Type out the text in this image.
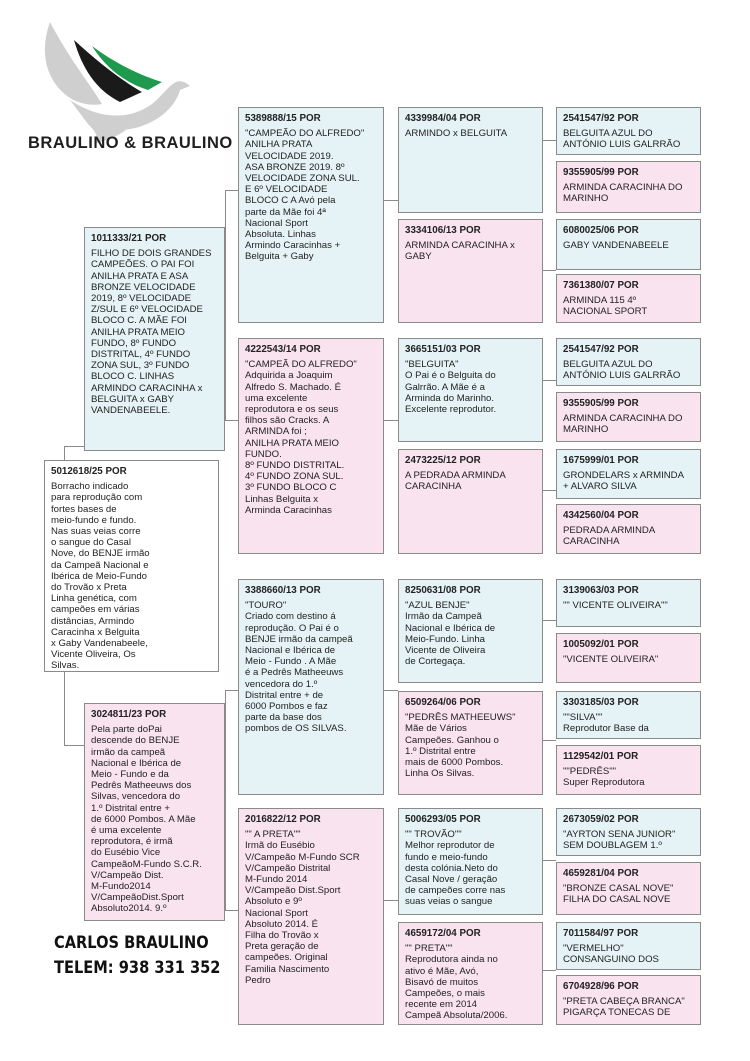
BRAULINO & BRAULINO
5012618/25 POR
Borracho indicado
para reprodução com
fortes bases de
meio-fundo e fundo.
Nas suas veias corre
o sangue do Casal
Nove, do BENJE irmão
da Campeã Nacional e
Ibérica de Meio-Fundo
do Trovão x Preta
Linha genética, com
campeões em várias
distâncias, Armindo
Caracinha x Belguita
x Gaby Vandenabeele,
Vicente Oliveira, Os
Silvas.
1011333/21 POR
FILHO DE DOIS GRANDES
CAMPEÕES. O PAI FOI
ANILHA PRATA E ASA
BRONZE VELOCIDADE
2019, 8º VELOCIDADE
Z/SUL E 6º VELOCIDADE
BLOCO C. A MÃE FOI
ANILHA PRATA MEIO
FUNDO, 8º FUNDO
DISTRITAL, 4º FUNDO
ZONA SUL, 3º FUNDO
BLOCO C. LINHAS
ARMINDO CARACINHA x
BELGUITA x GABY
VANDENABEELE.
3024811/23 POR
Pela parte doPai
descende do BENJE
irmão da campeã
Nacional e Ibérica de
Meio - Fundo e da
Pedrês Matheeuws dos
Silvas, vencedora do
1.º Distrital entre +
de 6000 Pombos. A Mãe
é uma excelente
reprodutora, é irmã
do Eusébio Vice
CampeãoM-Fundo S.C.R.
V/Campeão Dist.
M-Fundo2014
V/CampeãoDist.Sport
Absoluto2014. 9.º
5389888/15 POR
"CAMPEÃO DO ALFREDO"
ANILHA PRATA
VELOCIDADE 2019.
ASA BRONZE 2019. 8º
VELOCIDADE ZONA SUL.
E 6º VELOCIDADE
BLOCO C A Avó pela
parte da Mãe foi 4ª
Nacional Sport
Absoluta. Linhas
Armindo Caracinhas +
Belguita + Gaby
4222543/14 POR
"CAMPEÃ DO ALFREDO"
Adquirida a Joaquim
Alfredo S. Machado. É
uma excelente
reprodutora e os seus
filhos são Cracks. A
ARMINDA foi ;
ANILHA PRATA MEIO
FUNDO.
8º FUNDO DISTRITAL.
4º FUNDO ZONA SUL.
3º FUNDO BLOCO C
Linhas Belguita x
Arminda Caracinhas
3388660/13 POR
"TOURO"
Criado com destino á
reprodução. O Pai é o
BENJE irmão da campeã
Nacional e Ibérica de
Meio - Fundo . A Mãe
é a Pedrês Matheeuws
vencedora do 1.º
Distrital entre + de
6000 Pombos e faz
parte da base dos
pombos de OS SILVAS.
2016822/12 POR
"" A PRETA""
Irmã do Eusébio
V/Campeão M-Fundo SCR
V/Campeão Distrital
M-Fundo 2014
V/Campeão Dist.Sport
Absoluto e 9º
Nacional Sport
Absoluto 2014. É
Filha do Trovão x
Preta geração de
campeões. Original
Familia Nascimento
Pedro
4339984/04 POR
ARMINDO x BELGUITA
3334106/13 POR
ARMINDA CARACINHA x
GABY
3665151/03 POR
"BELGUITA"
O Pai é o Belguita do
Galrrão. A Mãe é a
Arminda do Marinho.
Excelente reprodutor.
2473225/12 POR
A PEDRADA ARMINDA
CARACINHA
8250631/08 POR
"AZUL BENJE"
Irmão da Campeã
Nacional e Ibérica de
Meio-Fundo. Linha
Vicente de Oliveira
de Cortegaça.
6509264/06 POR
"PEDRÊS MATHEEUWS"
Mãe de Vários
Campeões. Ganhou o
1.º Distrital entre
mais de 6000 Pombos.
Linha Os Silvas.
5006293/05 POR
"" TROVÃO""
Melhor reprodutor de
fundo e meio-fundo
desta colónia.Neto do
Casal Nove / geração
de campeões corre nas
suas veias o sangue
4659172/04 POR
"" PRETA""
Reprodutora ainda no
ativo é Mãe, Avó,
Bisavó de muitos
Campeões, o mais
recente em 2014
Campeã Absoluta/2006.
2541547/92 POR
BELGUITA AZUL DO
ANTÓNIO LUIS GALRRÃO
9355905/99 POR
ARMINDA CARACINHA DO
MARINHO
6080025/06 POR
GABY VANDENABEELE
7361380/07 POR
ARMINDA 115 4º
NACIONAL SPORT
2541547/92 POR
BELGUITA AZUL DO
ANTÓNIO LUIS GALRRÃO
9355905/99 POR
ARMINDA CARACINHA DO
MARINHO
1675999/01 POR
GRONDELARS x ARMINDA
+ ALVARO SILVA
4342560/04 POR
PEDRADA ARMINDA
CARACINHA
3139063/03 POR
"" VICENTE OLIVEIRA""
1005092/01 POR
"VICENTE OLIVEIRA"
3303185/03 POR
""SILVA""
Reprodutor Base da
1129542/01 POR
""PEDRÊS""
Super Reprodutora
2673059/02 POR
"AYRTON SENA JUNIOR"
SEM DOUBLAGEM 1.º
4659281/04 POR
"BRONZE CASAL NOVE"
FILHA DO CASAL NOVE
7011584/97 POR
"VERMELHO"
CONSANGUINO DOS
6704928/96 POR
"PRETA CABEÇA BRANCA"
PIGARÇA TONECAS DE
CARLOS BRAULINO
TELEM: 938 331 352
